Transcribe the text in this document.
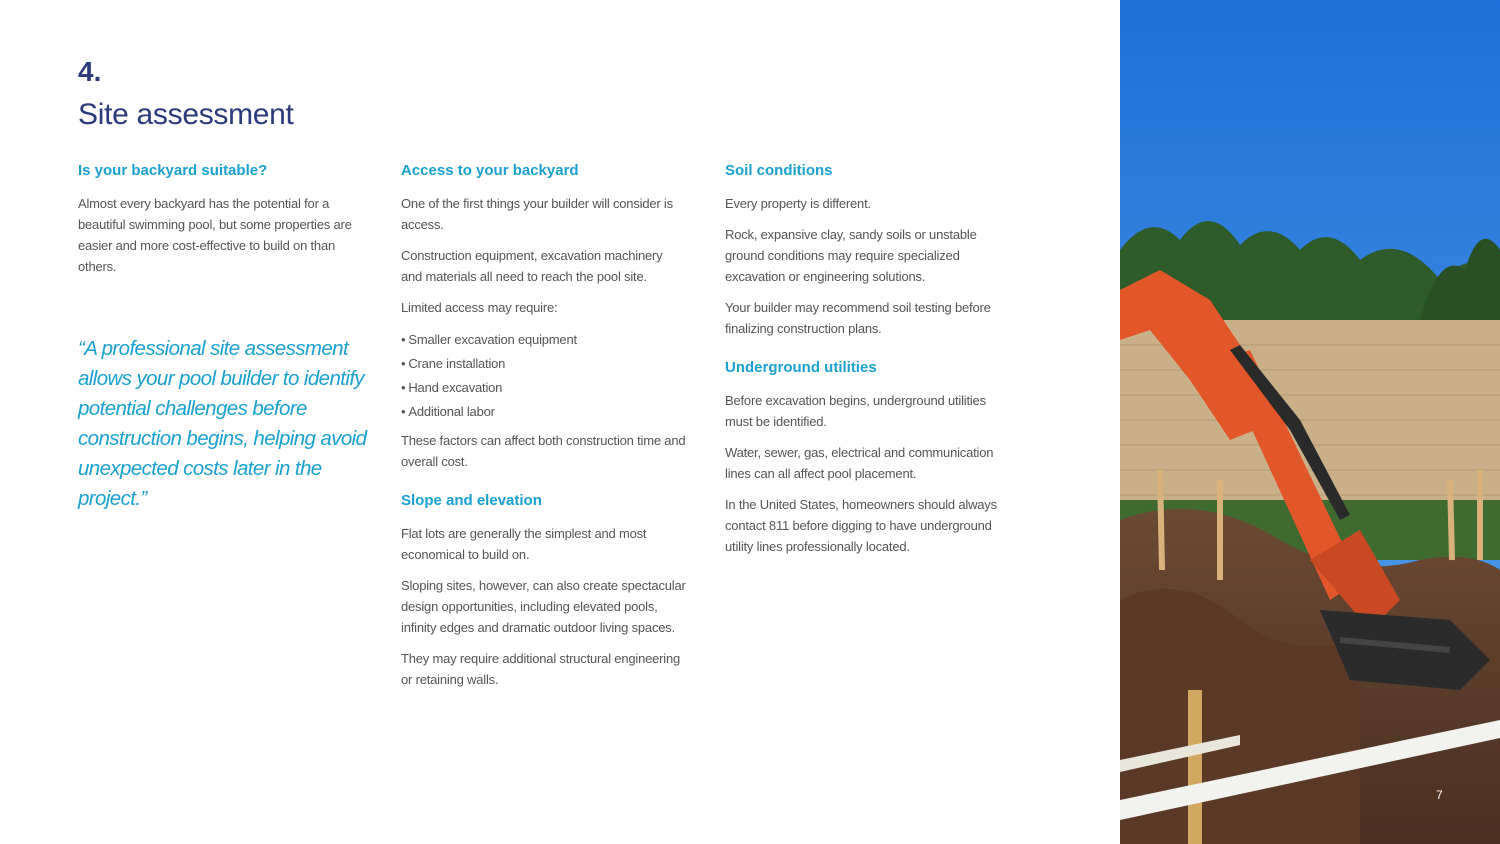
4.
Site assessment
Is your backyard suitable?

Almost every backyard has the potential for a beautiful swimming pool, but some properties are easier and more cost-effective to build on than others.

“A professional site assessment allows your pool builder to identify potential challenges before construction begins, helping avoid unexpected costs later in the project.”

Access to your backyard

One of the first things your builder will consider is access.

Construction equipment, excavation machinery and materials all need to reach the pool site.

Limited access may require:

• Smaller excavation equipment
• Crane installation
• Hand excavation
• Additional labor

These factors can affect both construction time and overall cost.

Slope and elevation

Flat lots are generally the simplest and most economical to build on.

Sloping sites, however, can also create spectacular design opportunities, including elevated pools, infinity edges and dramatic outdoor living spaces.

They may require additional structural engineering or retaining walls.

Soil conditions

Every property is different.

Rock, expansive clay, sandy soils or unstable ground conditions may require specialized excavation or engineering solutions.

Your builder may recommend soil testing before finalizing construction plans.

Underground utilities

Before excavation begins, underground utilities must be identified.

Water, sewer, gas, electrical and communication lines can all affect pool placement.

In the United States, homeowners should always contact 811 before digging to have underground utility lines professionally located.

7
